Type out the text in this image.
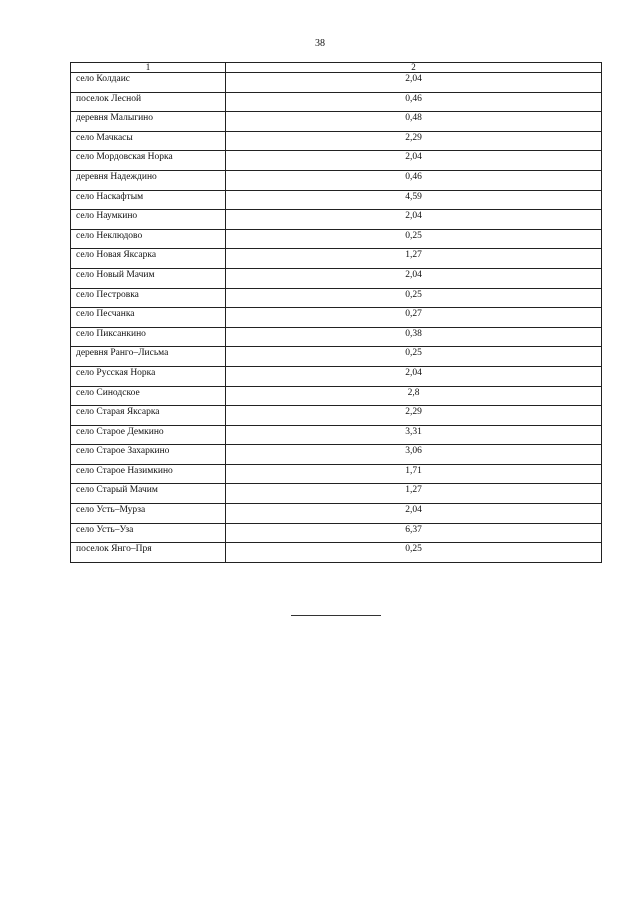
38
1	2
село Колдаис	2,04
поселок Лесной	0,46
деревня Малыгино	0,48
село Мачкасы	2,29
село Мордовская Норка	2,04
деревня Надеждино	0,46
село Наскафтым	4,59
село Наумкино	2,04
село Неклюдово	0,25
село Новая Яксарка	1,27
село Новый Мачим	2,04
село Пестровка	0,25
село Песчанка	0,27
село Пиксанкино	0,38
деревня Ранго–Лисьма	0,25
село Русская Норка	2,04
село Синодское	2,8
село Старая Яксарка	2,29
село Старое Демкино	3,31
село Старое Захаркино	3,06
село Старое Назимкино	1,71
село Старый Мачим	1,27
село Усть–Мурза	2,04
село Усть–Уза	6,37
поселок Янго–Пря	0,25
